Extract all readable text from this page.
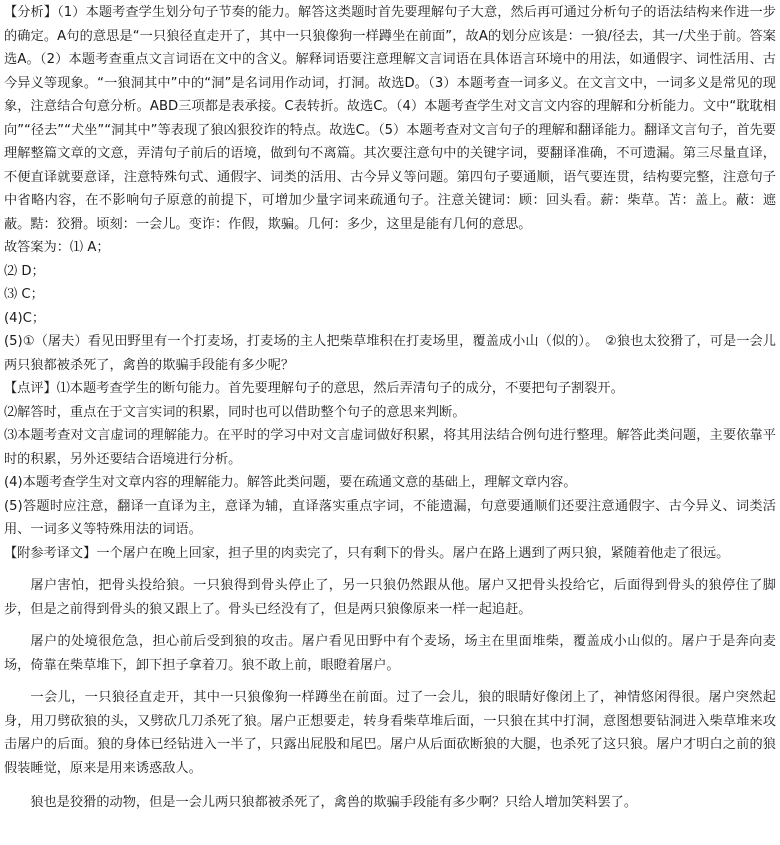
【分析】（1）本题考查学生划分句子节奏的能力。解答这类题时首先要理解句子大意，然后再可通过分析句子的语法结构来作进一步的确定。A句的意思是“一只狼径直走开了，其中一只狼像狗一样蹲坐在前面”，故A的划分应该是：一狼/径去，其一/犬坐于前。答案选A。（2）本题考查重点文言词语在文中的含义。解释词语要注意理解文言词语在具体语言环境中的用法，如通假字、词性活用、古今异义等现象。“一狼洞其中”中的“洞”是名词用作动词，打洞。故选D。（3）本题考查一词多义。在文言文中，一词多义是常见的现象，注意结合句意分析。ABD三项都是表承接。C表转折。故选C。（4）本题考查学生对文言文内容的理解和分析能力。文中“耽耽相向”“径去”“犬坐”“洞其中”等表现了狼凶狠狡诈的特点。故选C。（5）本题考查对文言句子的理解和翻译能力。翻译文言句子，首先要理解整篇文章的文意，弄清句子前后的语境，做到句不离篇。其次要注意句中的关键字词，要翻译准确，不可遗漏。第三尽量直译，不便直译就要意译，注意特殊句式、通假字、词类的活用、古今异义等问题。第四句子要通顺，语气要连贯，结构要完整，注意句子中省略内容，在不影响句子原意的前提下，可增加少量字词来疏通句子。注意关键词：顾：回头看。薪：柴草。苫：盖上。蔽：遮蔽。黠：狡猾。顷刻：一会儿。变诈：作假，欺骗。几何：多少，这里是能有几何的意思。

故答案为：⑴ A；

⑵ D；

⑶ C；

(4)C；

(5)①（屠夫）看见田野里有一个打麦场，打麦场的主人把柴草堆积在打麦场里，覆盖成小山（似的）。　②狼也太狡猾了，可是一会儿两只狼都被杀死了，禽兽的欺骗手段能有多少呢？

【点评】⑴本题考查学生的断句能力。首先要理解句子的意思，然后弄清句子的成分，不要把句子割裂开。

⑵解答时，重点在于文言实词的积累，同时也可以借助整个句子的意思来判断。

⑶本题考查对文言虚词的理解能力。在平时的学习中对文言虚词做好积累，将其用法结合例句进行整理。解答此类问题，主要依靠平时的积累，另外还要结合语境进行分析。

(4)本题考查学生对文章内容的理解能力。解答此类问题，要在疏通文意的基础上，理解文章内容。

(5)答题时应注意，翻译一直译为主，意译为辅，直译落实重点字词，不能遗漏，句意要通顺们还要注意通假字、古今异义、词类活用、一词多义等特殊用法的词语。

【附参考译文】一个屠户在晚上回家，担子里的肉卖完了，只有剩下的骨头。屠户在路上遇到了两只狼，紧随着他走了很远。

屠户害怕，把骨头投给狼。一只狼得到骨头停止了，另一只狼仍然跟从他。屠户又把骨头投给它，后面得到骨头的狼停住了脚步，但是之前得到骨头的狼又跟上了。骨头已经没有了，但是两只狼像原来一样一起追赶。

屠户的处境很危急，担心前后受到狼的攻击。屠户看见田野中有个麦场，场主在里面堆柴，覆盖成小山似的。屠户于是奔向麦场，倚靠在柴草堆下，卸下担子拿着刀。狼不敢上前，眼瞪着屠户。

一会儿，一只狼径直走开，其中一只狼像狗一样蹲坐在前面。过了一会儿，狼的眼睛好像闭上了，神情悠闲得很。屠户突然起身，用刀劈砍狼的头，又劈砍几刀杀死了狼。屠户正想要走，转身看柴草堆后面，一只狼在其中打洞，意图想要钻洞进入柴草堆来攻击屠户的后面。狼的身体已经钻进入一半了，只露出屁股和尾巴。屠户从后面砍断狼的大腿，也杀死了这只狼。屠户才明白之前的狼假装睡觉，原来是用来诱惑敌人。

狼也是狡猾的动物，但是一会儿两只狼都被杀死了，禽兽的欺骗手段能有多少啊？只给人增加笑料罢了。
